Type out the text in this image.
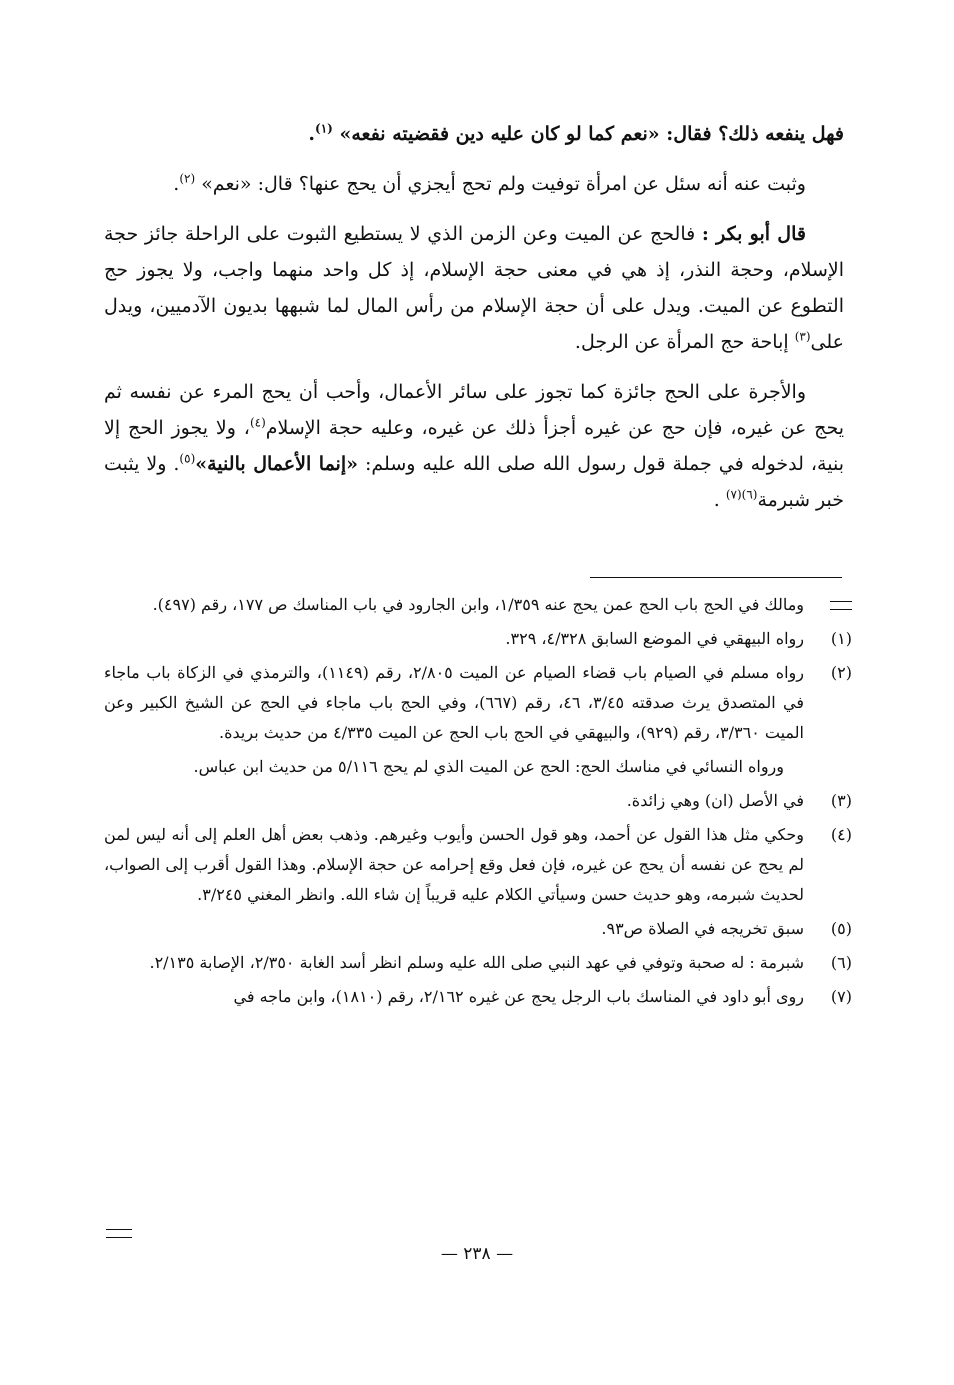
فهل ينفعه ذلك؟ فقال: «نعم كما لو كان عليه دين فقضيته نفعه» $^{(١)}$.

وثبت عنه أنه سئل عن امرأة توفيت ولم تحج أيجزي أن يحج عنها؟ قال: «نعم» $^{(٢)}$.

قال أبو بكر : فالحج عن الميت وعن الزمن الذي لا يستطيع الثبوت على الراحلة جائز حجة الإسلام، وحجة النذر، إذ هي في معنى حجة الإسلام، إذ كل واحد منهما واجب، ولا يجوز حج التطوع عن الميت. ويدل على أن حجة الإسلام من رأس المال لما شبهها بديون الآدميين، ويدل على$^{(٣)}$ إباحة حج المرأة عن الرجل.

والأجرة على الحج جائزة كما تجوز على سائر الأعمال، وأحب أن يحج المرء عن نفسه ثم يحج عن غيره، فإن حج عن غيره أجزأ ذلك عن غيره، وعليه حجة الإسلام$^{(٤)}$، ولا يجوز الحج إلا بنية، لدخوله في جملة قول رسول الله صلى الله عليه وسلم: «إنما الأعمال بالنية»$^{(٥)}$. ولا يثبت خبر شبرمة$^{(٦)(٧)}$ .

ومالك في الحج باب الحج عمن يحج عنه ١/٣٥٩، وابن الجارود في باب المناسك ص ١٧٧، رقم (٤٩٧).
(١)
رواه البيهقي في الموضع السابق ٤/٣٢٨، ٣٢٩.
(٢)
رواه مسلم في الصيام باب قضاء الصيام عن الميت ٢/٨٠٥، رقم (١١٤٩)، والترمذي في الزكاة باب ماجاء في المتصدق يرث صدقته ٣/٤٥، ٤٦، رقم (٦٦٧)، وفي الحج باب ماجاء في الحج عن الشيخ الكبير وعن الميت ٣/٣٦٠، رقم (٩٢٩)، والبيهقي في الحج باب الحج عن الميت ٤/٣٣٥ من حديث بريدة.
ورواه النسائي في مناسك الحج: الحج عن الميت الذي لم يحج ٥/١١٦ من حديث ابن عباس.
(٣)
في الأصل (ان) وهي زائدة.
(٤)
وحكي مثل هذا القول عن أحمد، وهو قول الحسن وأيوب وغيرهم. وذهب بعض أهل العلم إلى أنه ليس لمن لم يحج عن نفسه أن يحج عن غيره، فإن فعل وقع إحرامه عن حجة الإسلام. وهذا القول أقرب إلى الصواب، لحديث شبرمه، وهو حديث حسن وسيأتي الكلام عليه قريباً إن شاء الله. وانظر المغني ٣/٢٤٥.
(٥)
سبق تخريجه في الصلاة ص٩٣.
(٦)
شبرمة : له صحبة وتوفي في عهد النبي صلى الله عليه وسلم انظر أسد الغابة ٢/٣٥٠، الإصابة ٢/١٣٥.
(٧)
روى أبو داود في المناسك باب الرجل يحج عن غيره ٢/١٦٢، رقم (١٨١٠)، وابن ماجه في
— ٢٣٨ —
